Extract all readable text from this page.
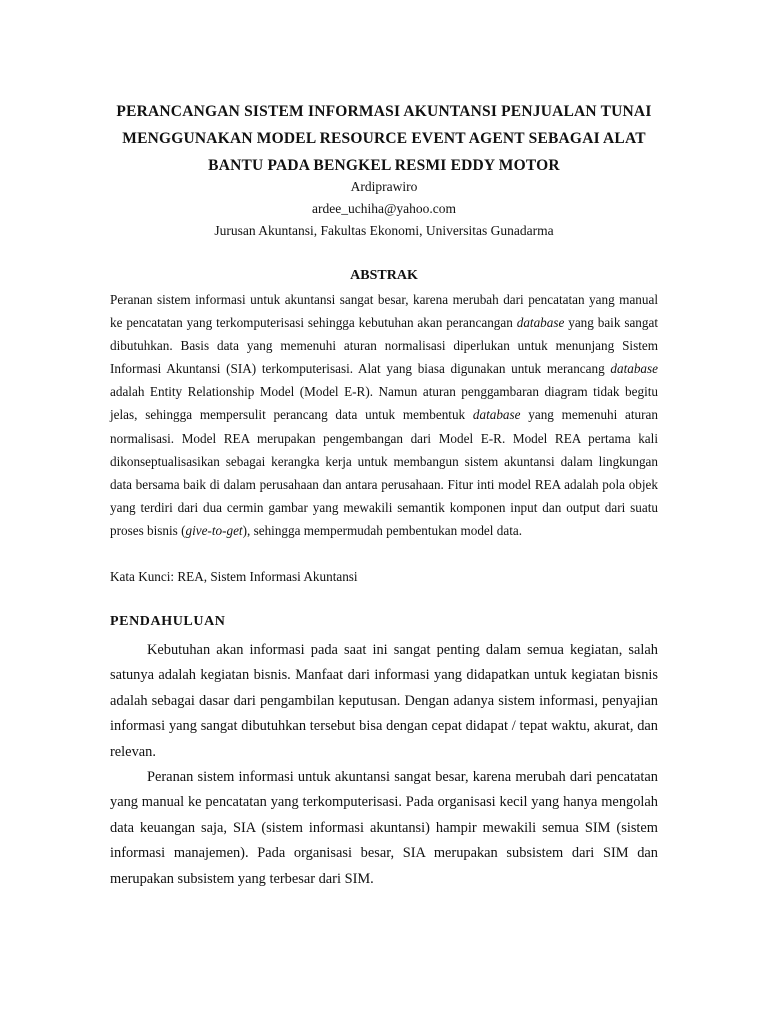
PERANCANGAN SISTEM INFORMASI AKUNTANSI PENJUALAN TUNAI
MENGGUNAKAN MODEL RESOURCE EVENT AGENT SEBAGAI ALAT
BANTU PADA BENGKEL RESMI EDDY MOTOR
Ardiprawiro
ardee_uchiha@yahoo.com
Jurusan Akuntansi, Fakultas Ekonomi, Universitas Gunadarma
ABSTRAK

Peranan sistem informasi untuk akuntansi sangat besar, karena merubah dari pencatatan yang manual ke pencatatan yang terkomputerisasi sehingga kebutuhan akan perancangan database yang baik sangat dibutuhkan. Basis data yang memenuhi aturan normalisasi diperlukan untuk menunjang Sistem Informasi Akuntansi (SIA) terkomputerisasi. Alat yang biasa digunakan untuk merancang database adalah Entity Relationship Model (Model E-R). Namun aturan penggambaran diagram tidak begitu jelas, sehingga mempersulit perancang data untuk membentuk database yang memenuhi aturan normalisasi. Model REA merupakan pengembangan dari Model E-R. Model REA pertama kali dikonseptualisasikan sebagai kerangka kerja untuk membangun sistem akuntansi dalam lingkungan data bersama baik di dalam perusahaan dan antara perusahaan. Fitur inti model REA adalah pola objek yang terdiri dari dua cermin gambar yang mewakili semantik komponen input dan output dari suatu proses bisnis (give-to-get), sehingga mempermudah pembentukan model data.

Kata Kunci: REA, Sistem Informasi Akuntansi
PENDAHULUAN

Kebutuhan akan informasi pada saat ini sangat penting dalam semua kegiatan, salah satunya adalah kegiatan bisnis. Manfaat dari informasi yang didapatkan untuk kegiatan bisnis adalah sebagai dasar dari pengambilan keputusan. Dengan adanya sistem informasi, penyajian informasi yang sangat dibutuhkan tersebut bisa dengan cepat didapat / tepat waktu, akurat, dan relevan.

Peranan sistem informasi untuk akuntansi sangat besar, karena merubah dari pencatatan yang manual ke pencatatan yang terkomputerisasi. Pada organisasi kecil yang hanya mengolah data keuangan saja, SIA (sistem informasi akuntansi) hampir mewakili semua SIM (sistem informasi manajemen). Pada organisasi besar, SIA merupakan subsistem dari SIM dan merupakan subsistem yang terbesar dari SIM.
